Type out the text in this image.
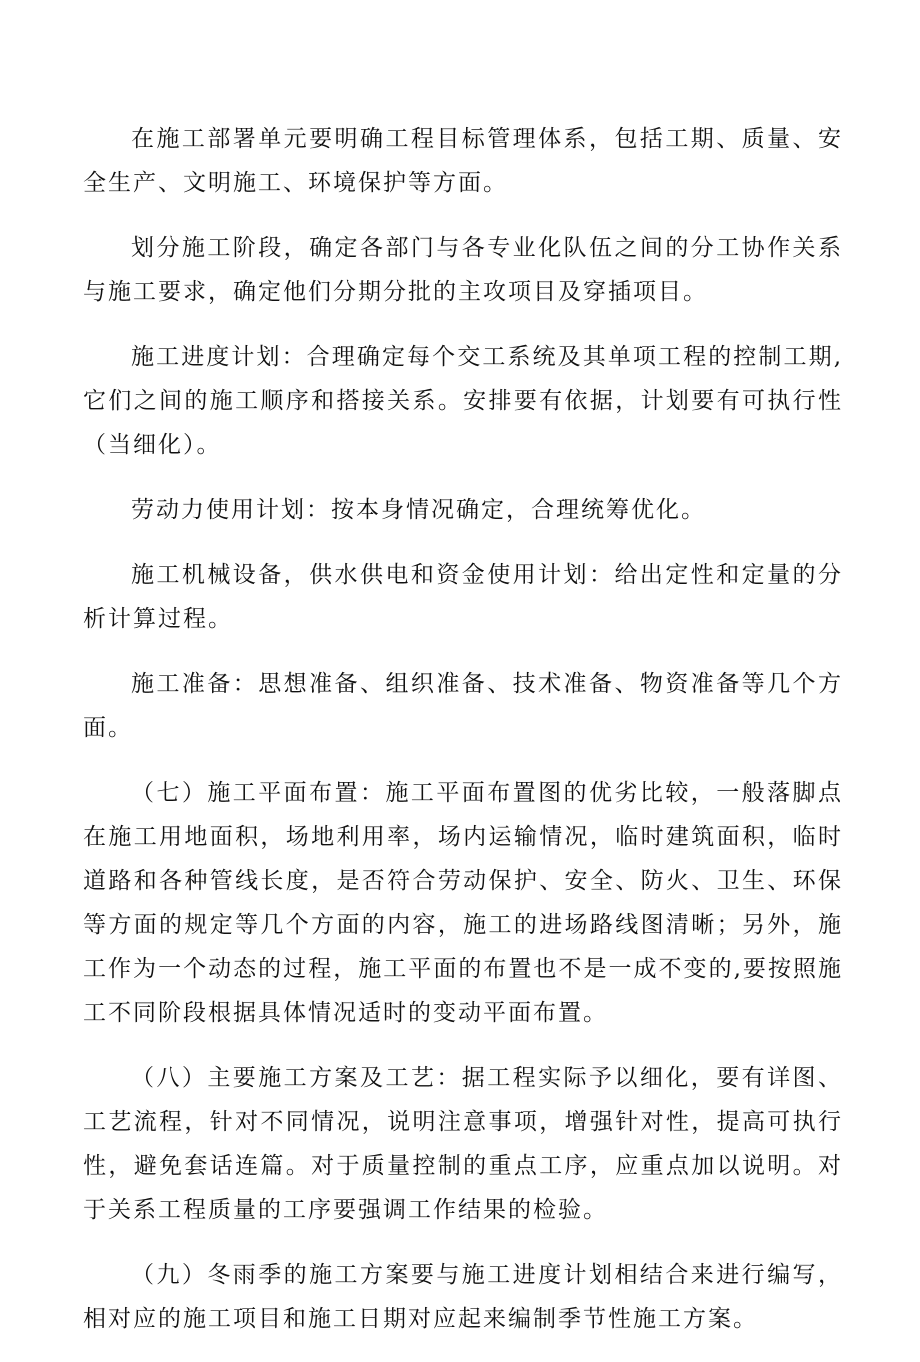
在施工部署单元要明确工程目标管理体系，包括工期、质量、安全生产、文明施工、环境保护等方面。

划分施工阶段，确定各部门与各专业化队伍之间的分工协作关系与施工要求，确定他们分期分批的主攻项目及穿插项目。

施工进度计划：合理确定每个交工系统及其单项工程的控制工期,它们之间的施工顺序和搭接关系。安排要有依据，计划要有可执行性（当细化）。

劳动力使用计划：按本身情况确定，合理统筹优化。

施工机械设备，供水供电和资金使用计划：给出定性和定量的分析计算过程。

施工准备：思想准备、组织准备、技术准备、物资准备等几个方面。

（七）施工平面布置：施工平面布置图的优劣比较，一般落脚点在施工用地面积，场地利用率，场内运输情况，临时建筑面积，临时道路和各种管线长度，是否符合劳动保护、安全、防火、卫生、环保等方面的规定等几个方面的内容，施工的进场路线图清晰；另外，施工作为一个动态的过程，施工平面的布置也不是一成不变的,要按照施工不同阶段根据具体情况适时的变动平面布置。

（八）主要施工方案及工艺：据工程实际予以细化，要有详图、工艺流程，针对不同情况，说明注意事项，增强针对性，提高可执行性，避免套话连篇。对于质量控制的重点工序，应重点加以说明。对于关系工程质量的工序要强调工作结果的检验。

（九）冬雨季的施工方案要与施工进度计划相结合来进行编写，相对应的施工项目和施工日期对应起来编制季节性施工方案。
